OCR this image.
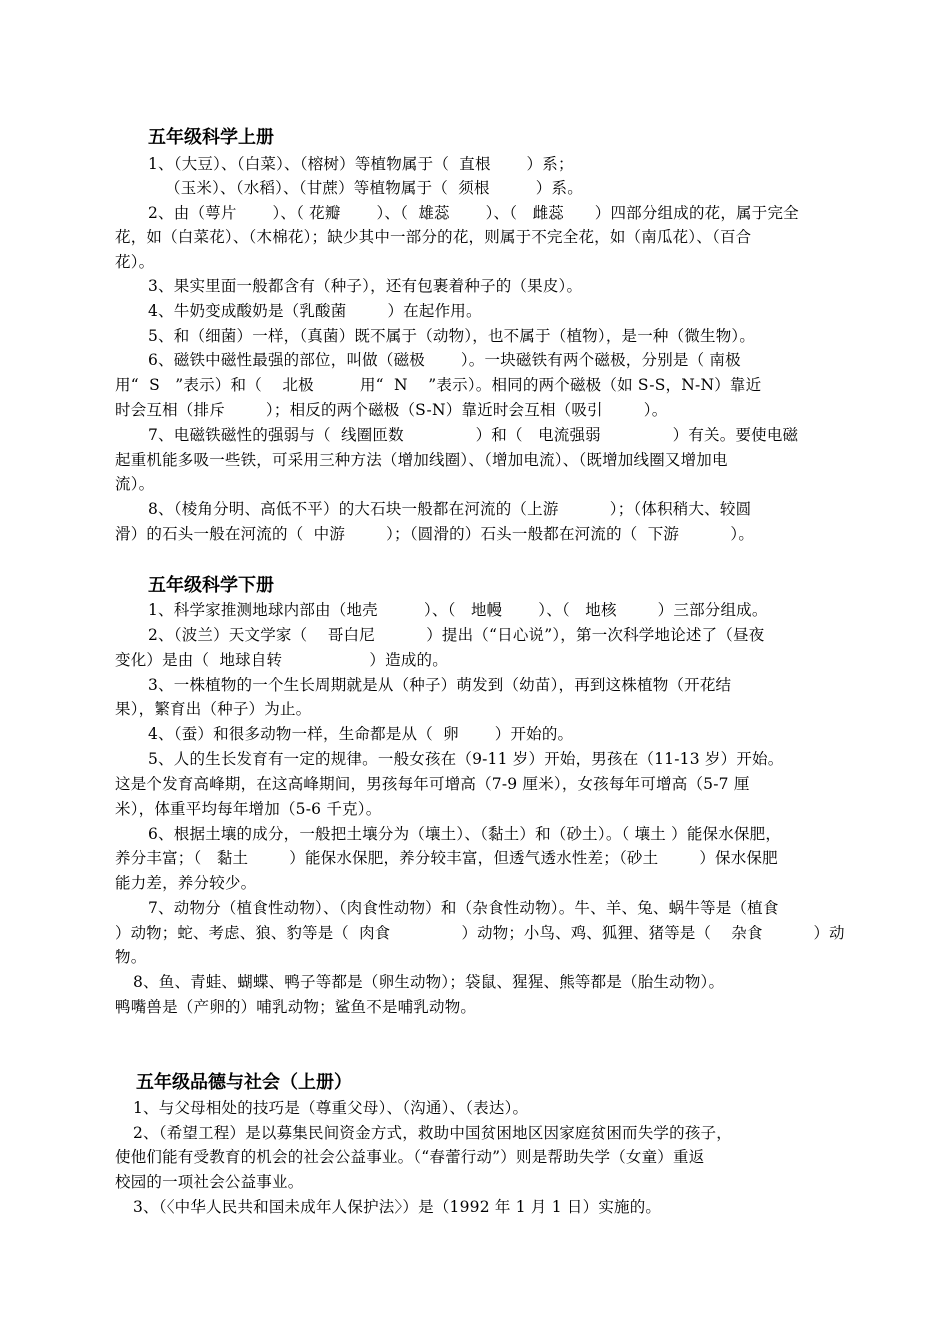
五年级科学上册
1、（大豆）、（白菜）、（榕树）等植物属于（  直根       ）系；
（玉米）、（水稻）、（甘蔗）等植物属于（  须根         ）系。
2、由（萼片       ）、（ 花瓣       ）、（  雄蕊       ）、（   雌蕊      ）四部分组成的花，属于完全
花，如（白菜花）、（木棉花）；缺少其中一部分的花，则属于不完全花，如（南瓜花）、（百合
花）。
3、果实里面一般都含有（种子），还有包裹着种子的（果皮）。
4、牛奶变成酸奶是（乳酸菌        ）在起作用。
5、和（细菌）一样，（真菌）既不属于（动物），也不属于（植物），是一种（微生物）。
6、磁铁中磁性最强的部位，叫做（磁极       ）。一块磁铁有两个磁极，分别是（ 南极
用“  S   ”表示）和（    北极         用“  N    ”表示）。相同的两个磁极（如 S-S，N-N）靠近
时会互相（排斥        ）；相反的两个磁极（S-N）靠近时会互相（吸引        ）。
7、电磁铁磁性的强弱与（  线圈匝数              ）和（   电流强弱              ）有关。要使电磁
起重机能多吸一些铁，可采用三种方法（增加线圈）、（增加电流）、（既增加线圈又增加电
流）。
8、（棱角分明、高低不平）的大石块一般都在河流的（上游          ）；（体积稍大、较圆
滑）的石头一般在河流的（  中游        ）；（圆滑的）石头一般都在河流的（  下游          ）。
五年级科学下册
1、科学家推测地球内部由（地壳         ）、（   地幔       ）、（   地核        ）三部分组成。
2、（波兰）天文学家（    哥白尼          ）提出（“日心说”），第一次科学地论述了（昼夜
变化）是由（  地球自转                 ）造成的。
3、一株植物的一个生长周期就是从（种子）萌发到（幼苗），再到这株植物（开花结
果），繁育出（种子）为止。
4、（蚕）和很多动物一样，生命都是从（  卵       ）开始的。
5、人的生长发育有一定的规律。一般女孩在（9-11 岁）开始，男孩在（11-13 岁）开始。
这是个发育高峰期，在这高峰期间，男孩每年可增高（7-9 厘米），女孩每年可增高（5-7 厘
米），体重平均每年增加（5-6 千克）。
6、根据土壤的成分，一般把土壤分为（壤土）、（黏土）和（砂土）。（ 壤土 ）能保水保肥，
养分丰富；（   黏土        ）能保水保肥，养分较丰富，但透气透水性差；（砂土        ）保水保肥
能力差，养分较少。
7、动物分（植食性动物）、（肉食性动物）和（杂食性动物）。牛、羊、兔、蜗牛等是（植食
）动物；蛇、考虑、狼、豹等是（  肉食              ）动物；小鸟、鸡、狐狸、猪等是（    杂食          ）动
物。
8、鱼、青蛙、蝴蝶、鸭子等都是（卵生动物）；袋鼠、猩猩、熊等都是（胎生动物）。
鸭嘴兽是（产卵的）哺乳动物；鲨鱼不是哺乳动物。
五年级品德与社会（上册）
1、与父母相处的技巧是（尊重父母）、（沟通）、（表达）。
2、（希望工程）是以募集民间资金方式，救助中国贫困地区因家庭贫困而失学的孩子，
使他们能有受教育的机会的社会公益事业。（“春蕾行动”）则是帮助失学（女童）重返
校园的一项社会公益事业。
3、（〈中华人民共和国未成年人保护法〉）是（1992 年 1 月 1 日）实施的。
